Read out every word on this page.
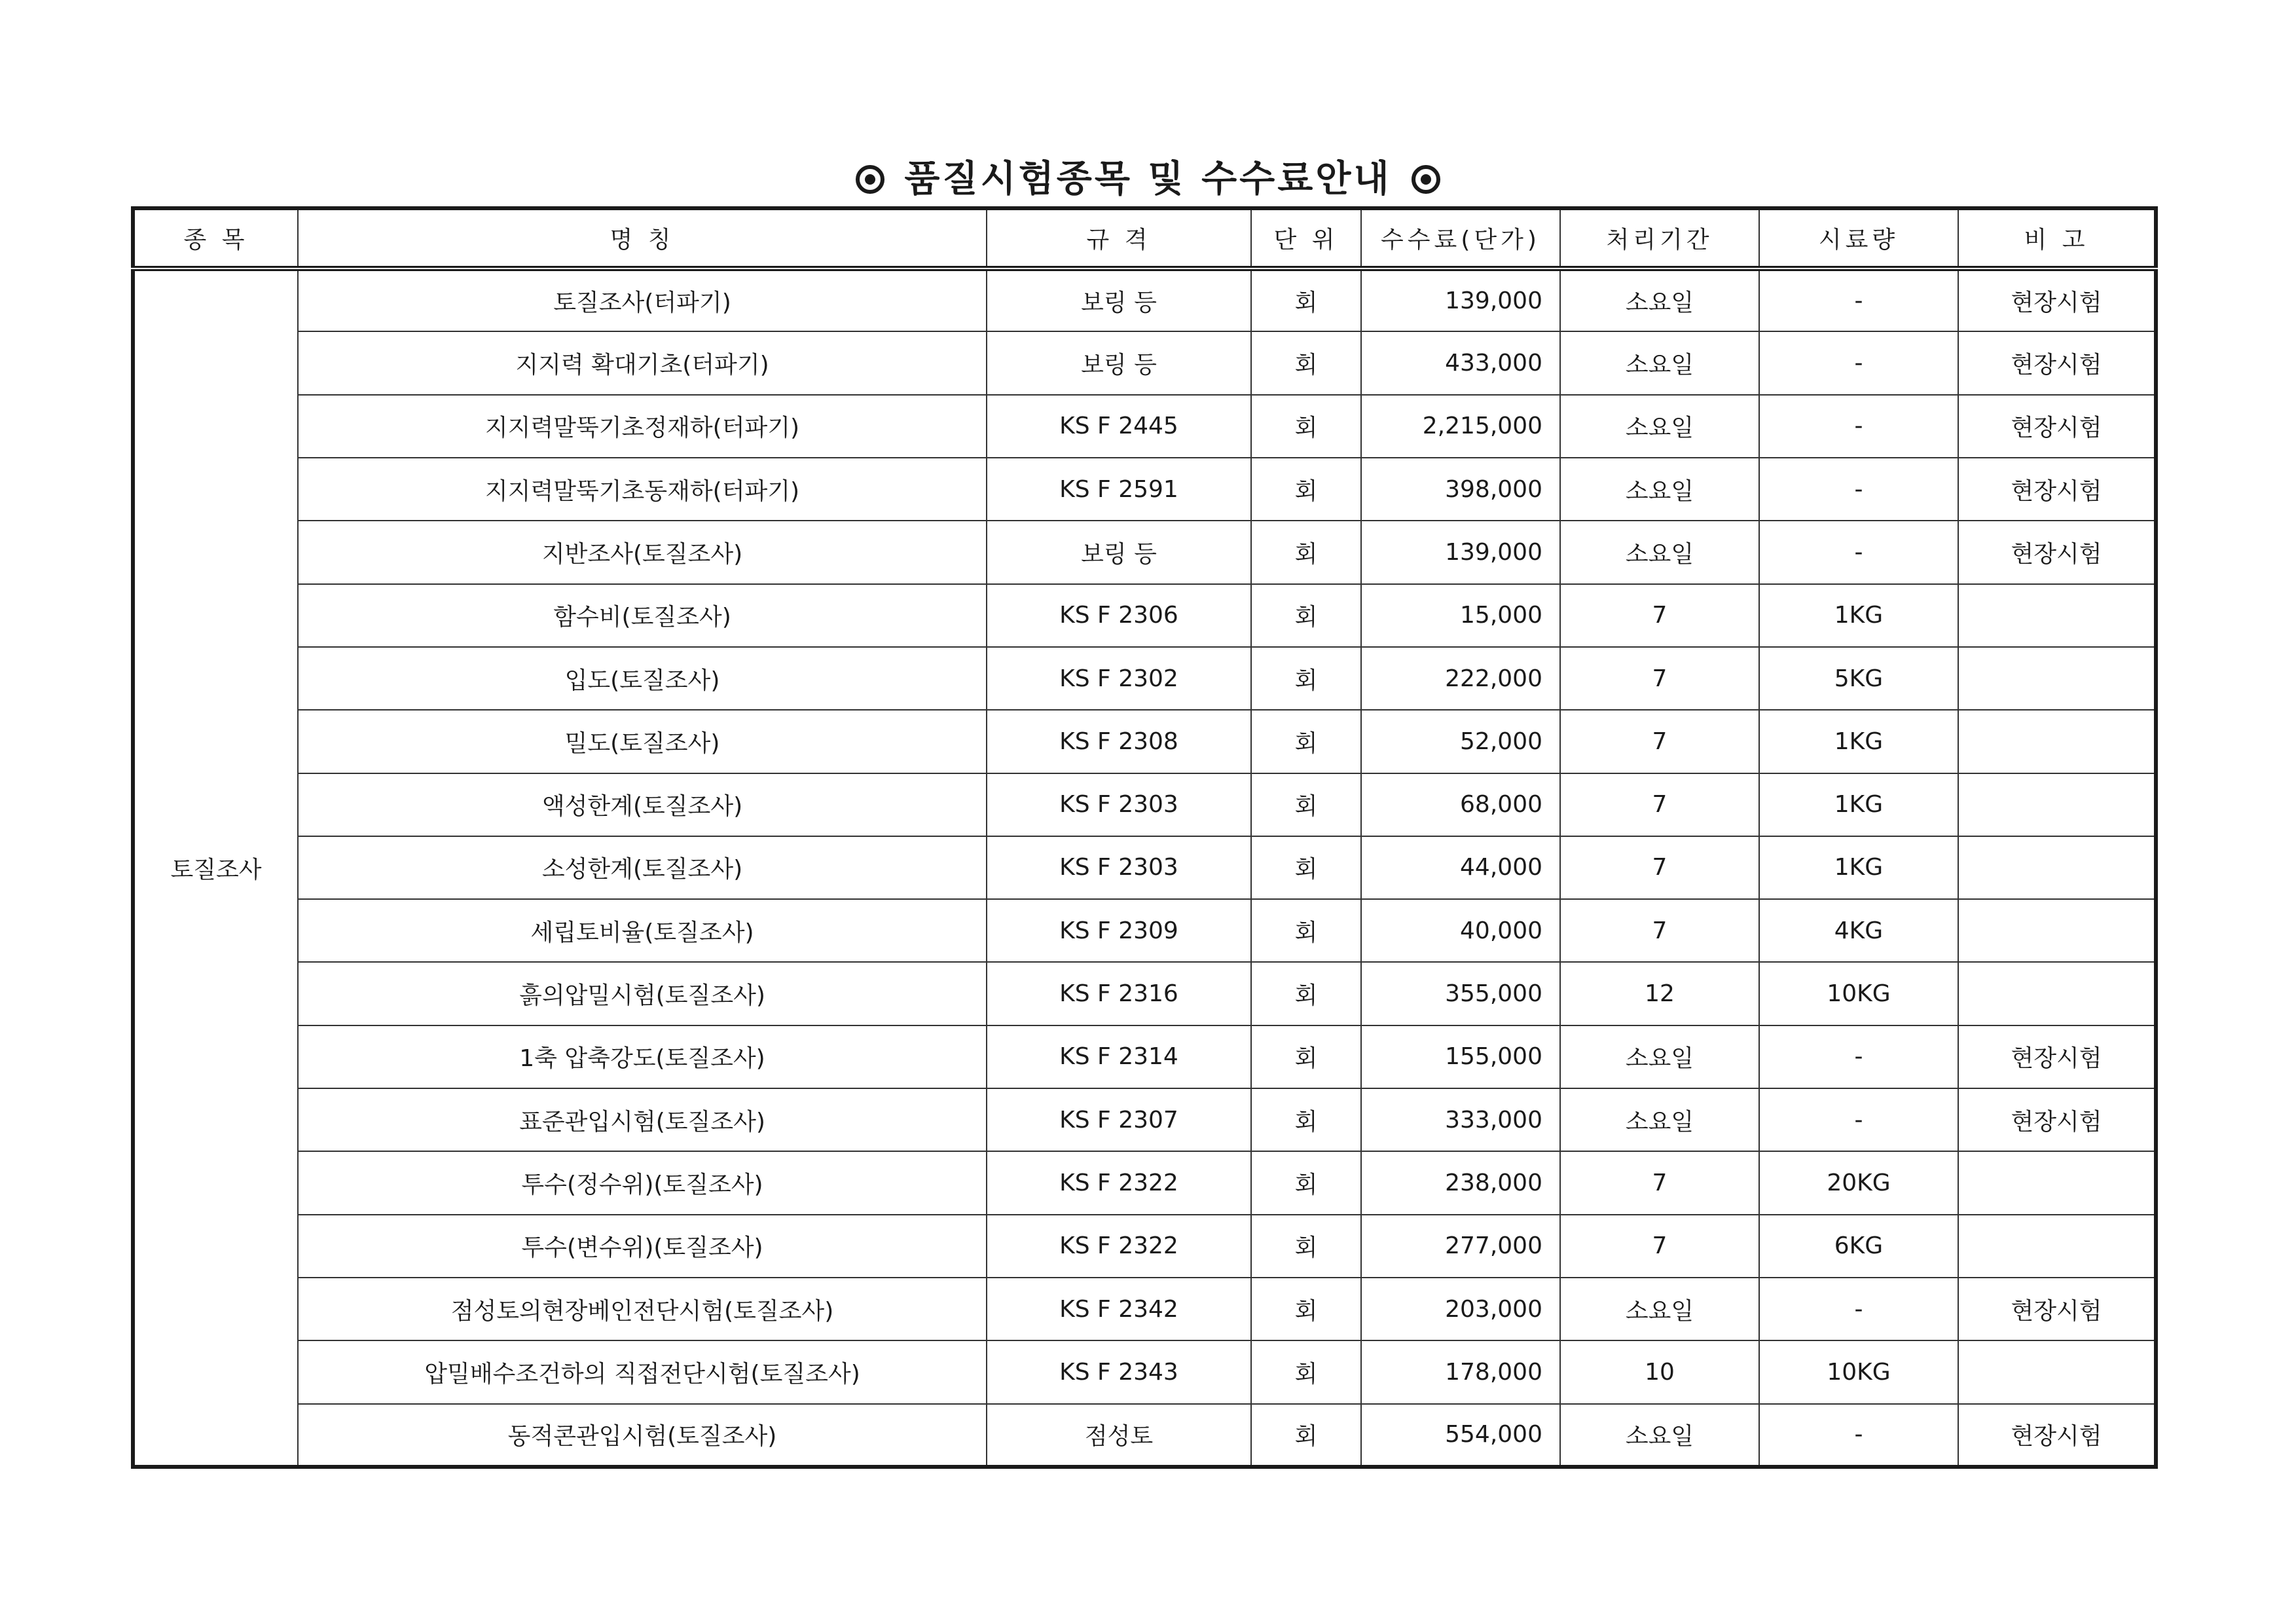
품질시험종목 및 수수료안내
종 목	명 칭	규 격	단 위	수수료(단가)	처리기간	시료량	비 고
토질조사	토질조사(터파기)	보링 등	회	139,000	소요일	-	현장시험
	지지력 확대기초(터파기)	보링 등	회	433,000	소요일	-	현장시험
	지지력말뚝기초정재하(터파기)	KS F 2445	회	2,215,000	소요일	-	현장시험
	지지력말뚝기초동재하(터파기)	KS F 2591	회	398,000	소요일	-	현장시험
	지반조사(토질조사)	보링 등	회	139,000	소요일	-	현장시험
	함수비(토질조사)	KS F 2306	회	15,000	7	1KG	
	입도(토질조사)	KS F 2302	회	222,000	7	5KG	
	밀도(토질조사)	KS F 2308	회	52,000	7	1KG	
	액성한계(토질조사)	KS F 2303	회	68,000	7	1KG	
	소성한계(토질조사)	KS F 2303	회	44,000	7	1KG	
	세립토비율(토질조사)	KS F 2309	회	40,000	7	4KG	
	흙의압밀시험(토질조사)	KS F 2316	회	355,000	12	10KG	
	1축 압축강도(토질조사)	KS F 2314	회	155,000	소요일	-	현장시험
	표준관입시험(토질조사)	KS F 2307	회	333,000	소요일	-	현장시험
	투수(정수위)(토질조사)	KS F 2322	회	238,000	7	20KG	
	투수(변수위)(토질조사)	KS F 2322	회	277,000	7	6KG	
	점성토의현장베인전단시험(토질조사)	KS F 2342	회	203,000	소요일	-	현장시험
	압밀배수조건하의 직접전단시험(토질조사)	KS F 2343	회	178,000	10	10KG	
	동적콘관입시험(토질조사)	점성토	회	554,000	소요일	-	현장시험
